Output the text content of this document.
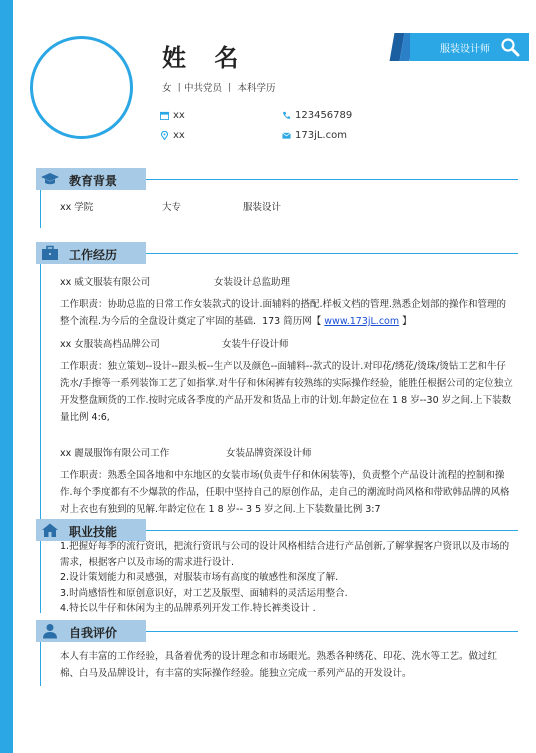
姓 名
女 丨中共党员 丨 本科学历
xx	123456789
xx	173jL.com
服装设计师
教育背景
xx 学院	大专	服装设计
工作经历
xx 威文服装有限公司	女装设计总监助理
工作职责：协助总监的日常工作女装款式的设计.面辅料的搭配.样板文档的管理.熟悉企划部的操作和管理的整个流程.为今后的全盘设计奠定了牢固的基础. 173 简历网【 www.173jL.com 】
xx 女服装高档品牌公司	女装牛仔设计师
工作职责：独立策划--设计--跟头板--生产以及颜色--面辅料--款式的设计.对印花/绣花/烫珠/烫钻工艺和牛仔洗水/手擦等一系列装饰工艺了如指掌.对牛仔和休闲裤有较熟练的实际操作经验，能胜任根据公司的定位独立开发整盘顾货的工作.按时完成各季度的产品开发和货品上市的计划.年龄定位在 1 8 岁--30 岁之间.上下装数量比例 4:6,
xx 麗晟服饰有限公司工作	女装品牌资深设计师
工作职责：熟悉全国各地和中东地区的女装市场(负责牛仔和休闲装等)，负责整个产品设计流程的控制和操作.每个季度都有不少爆款的作品，任职中坚持自己的原创作品，走自己的潮流时尚风格和带欧韩品牌的风格对上衣也有独到的见解.年龄定位在 1 8 岁-- 3 5 岁之间.上下装数量比例 3:7
职业技能
1.把握好每季的流行资讯，把流行资讯与公司的设计风格相结合进行产品创新,了解掌握客户资讯以及市场的需求，根据客户以及市场的需求进行设计.
2.设计策划能力和灵感强，对服装市场有高度的敏感性和深度了解.
3.时尚感悟性和原创意识好，对工艺及版型、面辅料的灵活运用整合.
4.特长以牛仔和休闲为主的品牌系列开发工作.特长裤类设计 .
自我评价
本人有丰富的工作经验，具备着优秀的设计理念和市场眼光。熟悉各种绣花、印花、洗水等工艺。做过红棉、白马及品牌设计，有丰富的实际操作经验。能独立完成一系列产品的开发设计。
